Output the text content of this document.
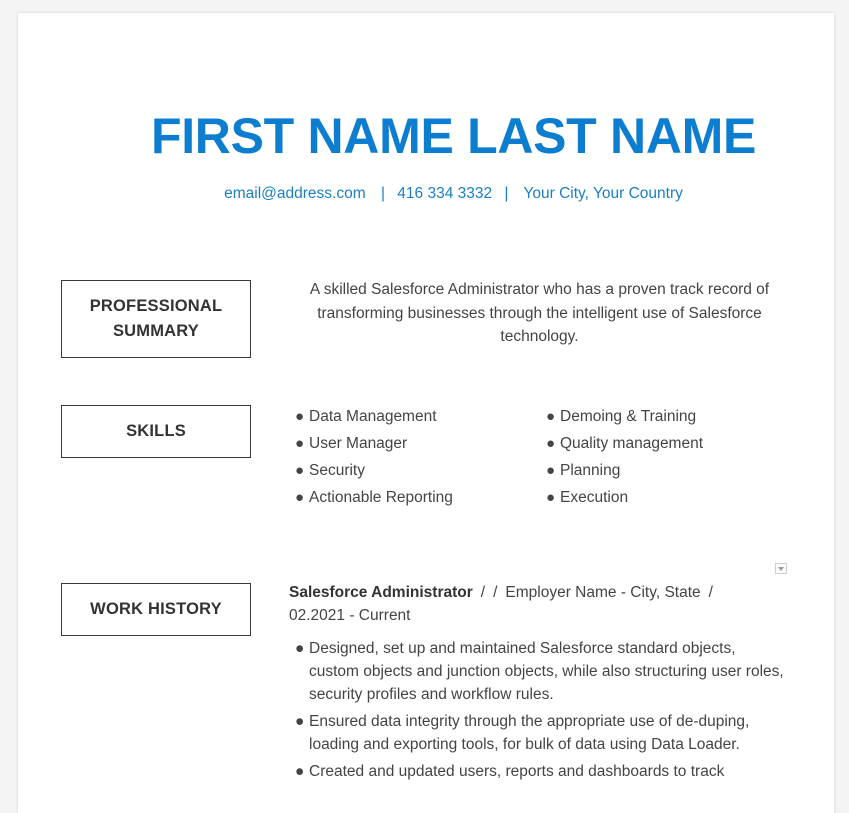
FIRST NAME LAST NAME
email@address.com | 416 334 3332 | Your City, Your Country
PROFESSIONAL
SUMMARY
A skilled Salesforce Administrator who has a proven track record of transforming businesses through the intelligent use of Salesforce technology.
SKILLS
● Data Management
● User Manager
● Security
● Actionable Reporting
● Demoing & Training
● Quality management
● Planning
● Execution
WORK HISTORY
Salesforce Administrator / / Employer Name - City, State /
02.2021 - Current
● Designed, set up and maintained Salesforce standard objects, custom objects and junction objects, while also structuring user roles, security profiles and workflow rules.
● Ensured data integrity through the appropriate use of de-duping, loading and exporting tools, for bulk of data using Data Loader.
● Created and updated users, reports and dashboards to track
